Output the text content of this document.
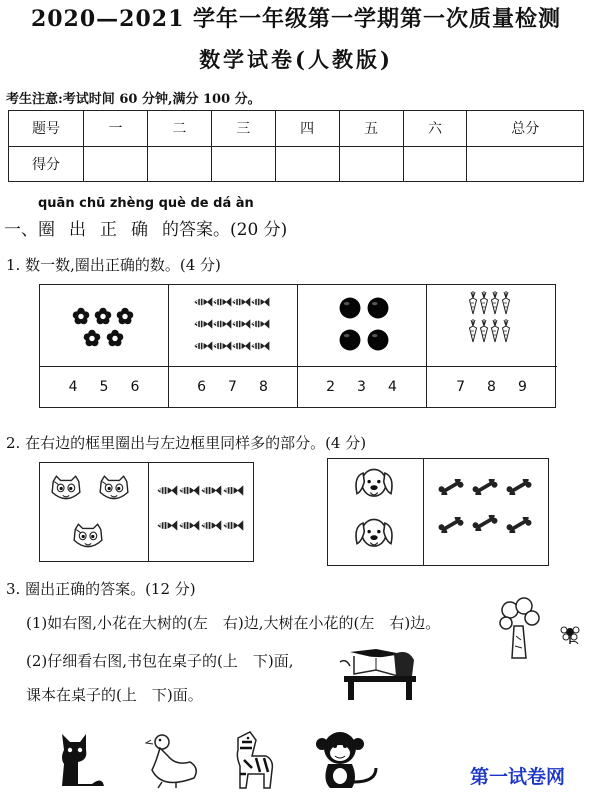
2020—2021 学年一年级第一学期第一次质量检测
数学试卷(人教版)
考生注意:考试时间 60 分钟,满分 100 分。
题号	一	二	三	四	五	六	总分
得分							
quān chū zhèng què de dá àn
一、圈出正确的答案。(20 分)
1. 数一数,圈出正确的数。(4 分)
4 5 6	6 7 8	2 3 4	7 8 9
2. 在右边的框里圈出与左边框里同样多的部分。(4 分)
3. 圈出正确的答案。(12 分)
(1)如右图,小花在大树的(左　右)边,大树在小花的(左　右)边。
(2)仔细看右图,书包在桌子的(上　下)面,
课本在桌子的(上　下)面。
第一试卷网
